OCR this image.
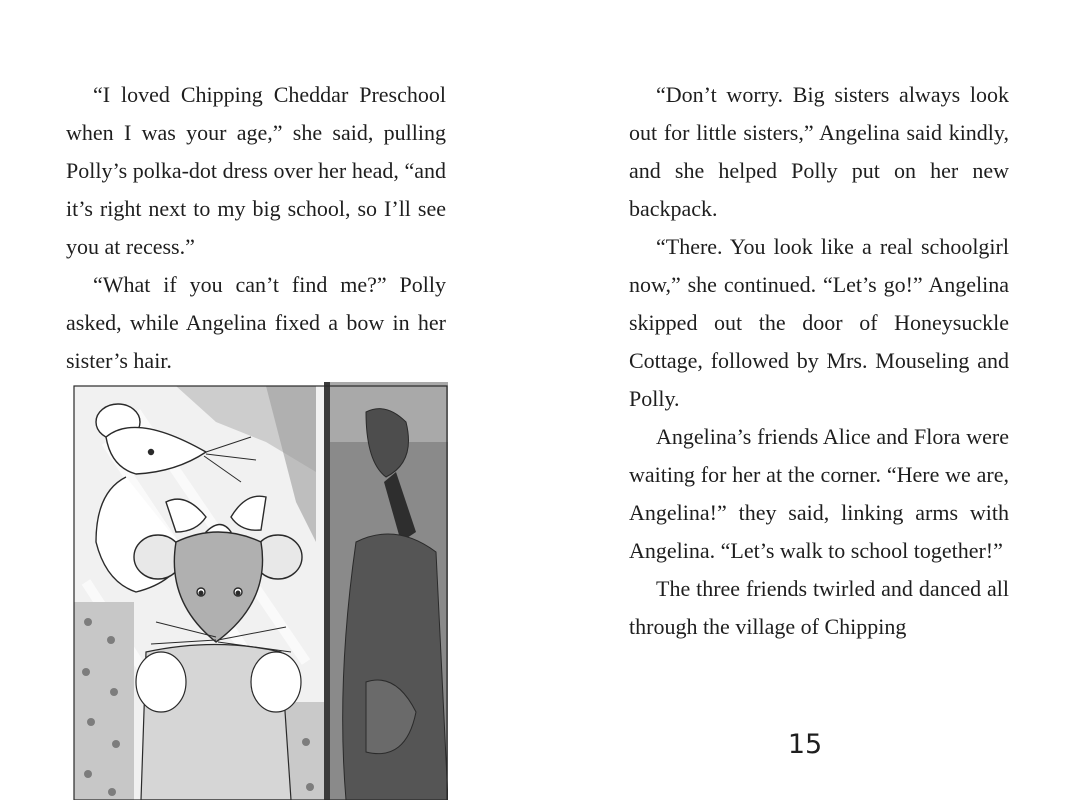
“I loved Chipping Cheddar Preschool when I was your age,” she said, pulling Polly’s polka-dot dress over her head, “and it’s right next to my big school, so I’ll see you at recess.”

“What if you can’t find me?” Polly asked, while Angelina fixed a bow in her sister’s hair.

“Don’t worry. Big sisters always look out for little sisters,” Angelina said kindly, and she helped Polly put on her new backpack.

“There. You look like a real schoolgirl now,” she continued. “Let’s go!” Angelina skipped out the door of Honeysuckle Cottage, followed by Mrs. Mouseling and Polly.

Angelina’s friends Alice and Flora were waiting for her at the corner. “Here we are, Angelina!” they said, linking arms with Angelina. “Let’s walk to school together!”

The three friends twirled and danced all through the village of Chipping

15
